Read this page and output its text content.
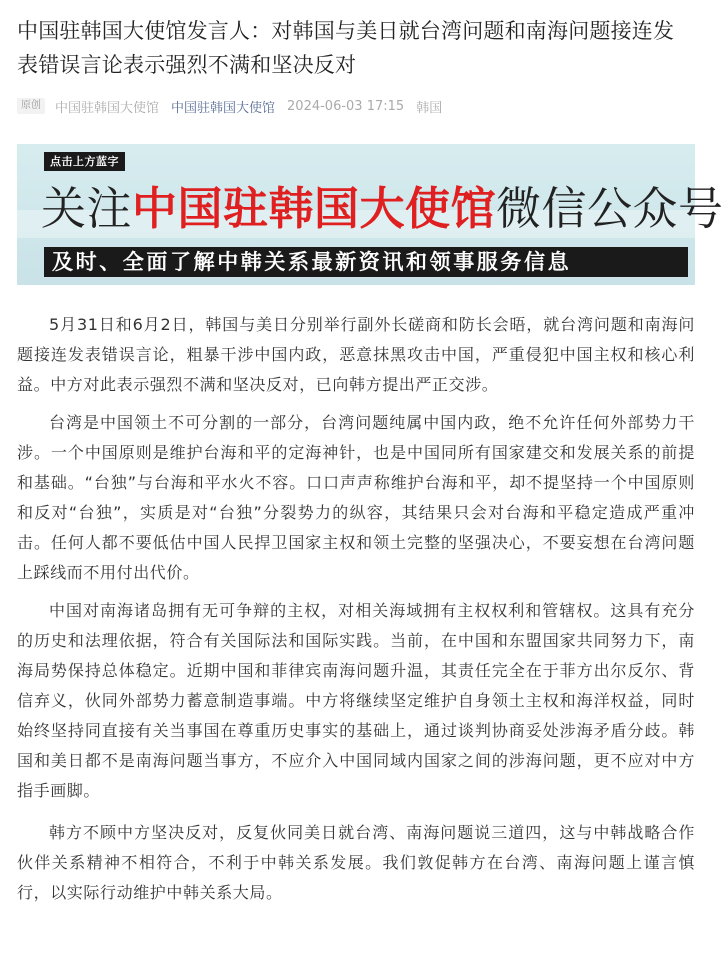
中国驻韩国大使馆发言人：对韩国与美日就台湾问题和南海问题接连发表错误言论表示强烈不满和坚决反对
原创	中国驻韩国大使馆 中国驻韩国大使馆 2024-06-03 17:15 韩国
点击上方蓝字
关注中国驻韩国大使馆微信公众号
及时、全面了解中韩关系最新资讯和领事服务信息

5月31日和6月2日，韩国与美日分别举行副外长磋商和防长会晤，就台湾问题和南海问题接连发表错误言论，粗暴干涉中国内政，恶意抹黑攻击中国，严重侵犯中国主权和核心利益。中方对此表示强烈不满和坚决反对，已向韩方提出严正交涉。

台湾是中国领土不可分割的一部分，台湾问题纯属中国内政，绝不允许任何外部势力干涉。一个中国原则是维护台海和平的定海神针，也是中国同所有国家建交和发展关系的前提和基础。“台独”与台海和平水火不容。口口声声称维护台海和平，却不提坚持一个中国原则和反对“台独”，实质是对“台独”分裂势力的纵容，其结果只会对台海和平稳定造成严重冲击。任何人都不要低估中国人民捍卫国家主权和领土完整的坚强决心，不要妄想在台湾问题上踩线而不用付出代价。

中国对南海诸岛拥有无可争辩的主权，对相关海域拥有主权权利和管辖权。这具有充分的历史和法理依据，符合有关国际法和国际实践。当前，在中国和东盟国家共同努力下，南海局势保持总体稳定。近期中国和菲律宾南海问题升温，其责任完全在于菲方出尔反尔、背信弃义，伙同外部势力蓄意制造事端。中方将继续坚定维护自身领土主权和海洋权益，同时始终坚持同直接有关当事国在尊重历史事实的基础上，通过谈判协商妥处涉海矛盾分歧。韩国和美日都不是南海问题当事方，不应介入中国同域内国家之间的涉海问题，更不应对中方指手画脚。

韩方不顾中方坚决反对，反复伙同美日就台湾、南海问题说三道四，这与中韩战略合作伙伴关系精神不相符合，不利于中韩关系发展。我们敦促韩方在台湾、南海问题上谨言慎行，以实际行动维护中韩关系大局。
